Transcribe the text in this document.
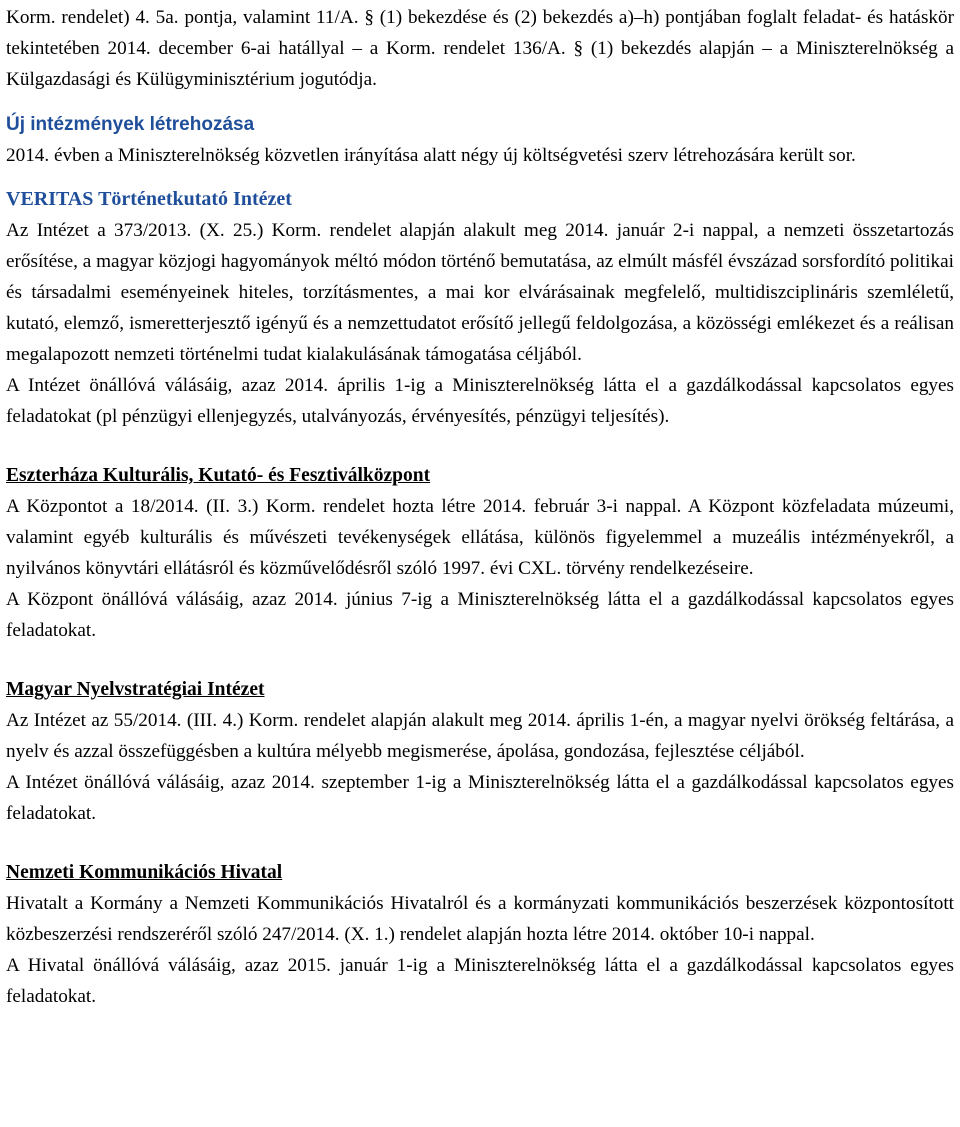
Korm. rendelet) 4. 5a. pontja, valamint 11/A. § (1) bekezdése és (2) bekezdés a)–h) pontjában foglalt feladat- és hatáskör tekintetében 2014. december 6-ai hatállyal – a Korm. rendelet 136/A. § (1) bekezdés alapján – a Miniszterelnökség a Külgazdasági és Külügyminisztérium jogutódja.

Új intézmények létrehozása

2014. évben a Miniszterelnökség közvetlen irányítása alatt négy új költségvetési szerv létrehozására került sor.

VERITAS Történetkutató Intézet

Az Intézet a 373/2013. (X. 25.) Korm. rendelet alapján alakult meg 2014. január 2-i nappal, a nemzeti összetartozás erősítése, a magyar közjogi hagyományok méltó módon történő bemutatása, az elmúlt másfél évszázad sorsfordító politikai és társadalmi eseményeinek hiteles, torzításmentes, a mai kor elvárásainak megfelelő, multidiszciplináris szemléletű, kutató, elemző, ismeretterjesztő igényű és a nemzettudatot erősítő jellegű feldolgozása, a közösségi emlékezet és a reálisan megalapozott nemzeti történelmi tudat kialakulásának támogatása céljából.

A Intézet önállóvá válásáig, azaz 2014. április 1-ig a Miniszterelnökség látta el a gazdálkodással kapcsolatos egyes feladatokat (pl pénzügyi ellenjegyzés, utalványozás, érvényesítés, pénzügyi teljesítés).

Eszterháza Kulturális, Kutató- és Fesztiválközpont

A Központot a 18/2014. (II. 3.) Korm. rendelet hozta létre 2014. február 3-i nappal. A Központ közfeladata múzeumi, valamint egyéb kulturális és művészeti tevékenységek ellátása, különös figyelemmel a muzeális intézményekről, a nyilvános könyvtári ellátásról és közművelődésről szóló 1997. évi CXL. törvény rendelkezéseire.

A Központ önállóvá válásáig, azaz 2014. június 7-ig a Miniszterelnökség látta el a gazdálkodással kapcsolatos egyes feladatokat.

Magyar Nyelvstratégiai Intézet

Az Intézet az 55/2014. (III. 4.) Korm. rendelet alapján alakult meg 2014. április 1-én, a magyar nyelvi örökség feltárása, a nyelv és azzal összefüggésben a kultúra mélyebb megismerése, ápolása, gondozása, fejlesztése céljából.

A Intézet önállóvá válásáig, azaz 2014. szeptember 1-ig a Miniszterelnökség látta el a gazdálkodással kapcsolatos egyes feladatokat.

Nemzeti Kommunikációs Hivatal

Hivatalt a Kormány a Nemzeti Kommunikációs Hivatalról és a kormányzati kommunikációs beszerzések központosított közbeszerzési rendszeréről szóló 247/2014. (X. 1.) rendelet alapján hozta létre 2014. október 10-i nappal.

A Hivatal önállóvá válásáig, azaz 2015. január 1-ig a Miniszterelnökség látta el a gazdálkodással kapcsolatos egyes feladatokat.
